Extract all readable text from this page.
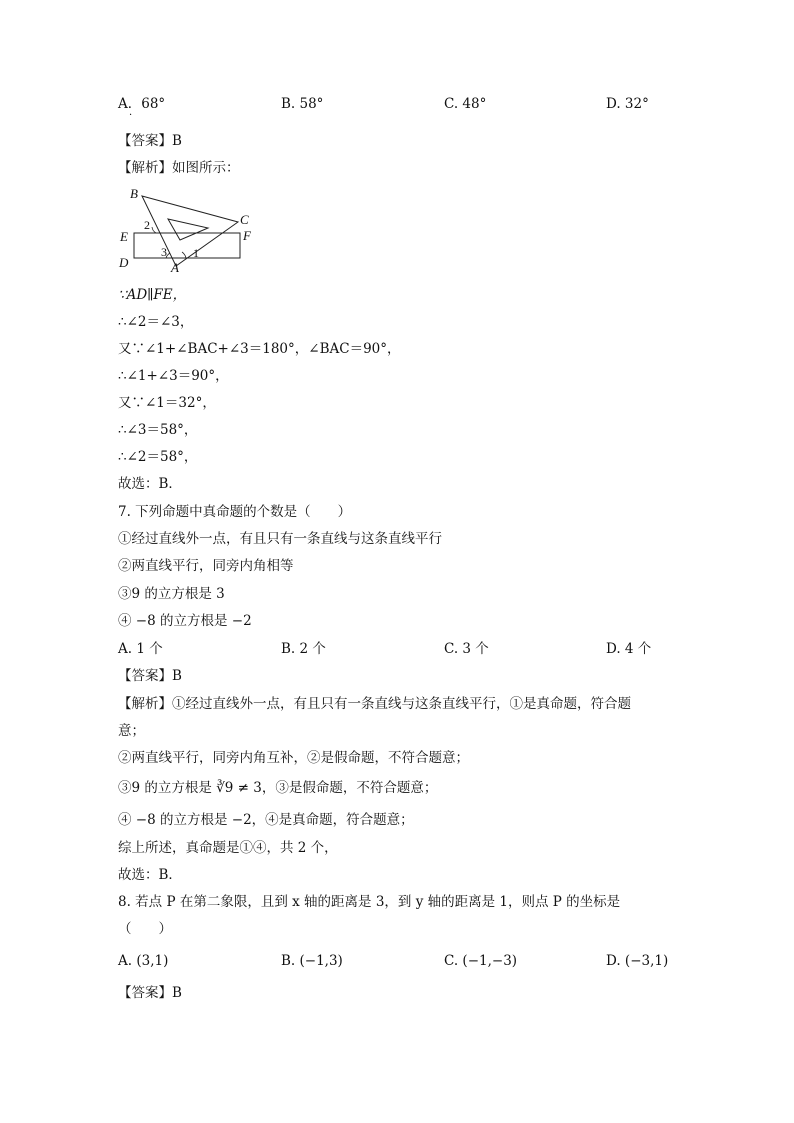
A．68°	B. 58°	C. 48°	D. 32°
·
【答案】B
【解析】如图所示：
B
C
E	F
D	A
2
3 1
∵AD∥FE，
∴∠2＝∠3，
又∵∠1+∠BAC+∠3＝180°，∠BAC＝90°，
∴∠1+∠3＝90°，
又∵∠1＝32°，
∴∠3＝58°，
∴∠2＝58°，
故选：B．
7. 下列命题中真命题的个数是（　　）
①经过直线外一点，有且只有一条直线与这条直线平行
②两直线平行，同旁内角相等
③9 的立方根是 3
④ −8 的立方根是 −2
A. 1 个	B. 2 个	C. 3 个	D. 4 个
【答案】B
【解析】①经过直线外一点，有且只有一条直线与这条直线平行，①是真命题，符合题
意；
②两直线平行，同旁内角互补，②是假命题，不符合题意；
③9 的立方根是 ∛9 ≠ 3，③是假命题，不符合题意；
④ −8 的立方根是 −2，④是真命题，符合题意；
综上所述，真命题是①④，共 2 个，
故选：B．
8. 若点 P 在第二象限，且到 x 轴的距离是 3，到 y 轴的距离是 1，则点 P 的坐标是
（　　）
A. (3,1)	B. (−1,3)	C. (−1,−3)	D. (−3,1)
【答案】B
